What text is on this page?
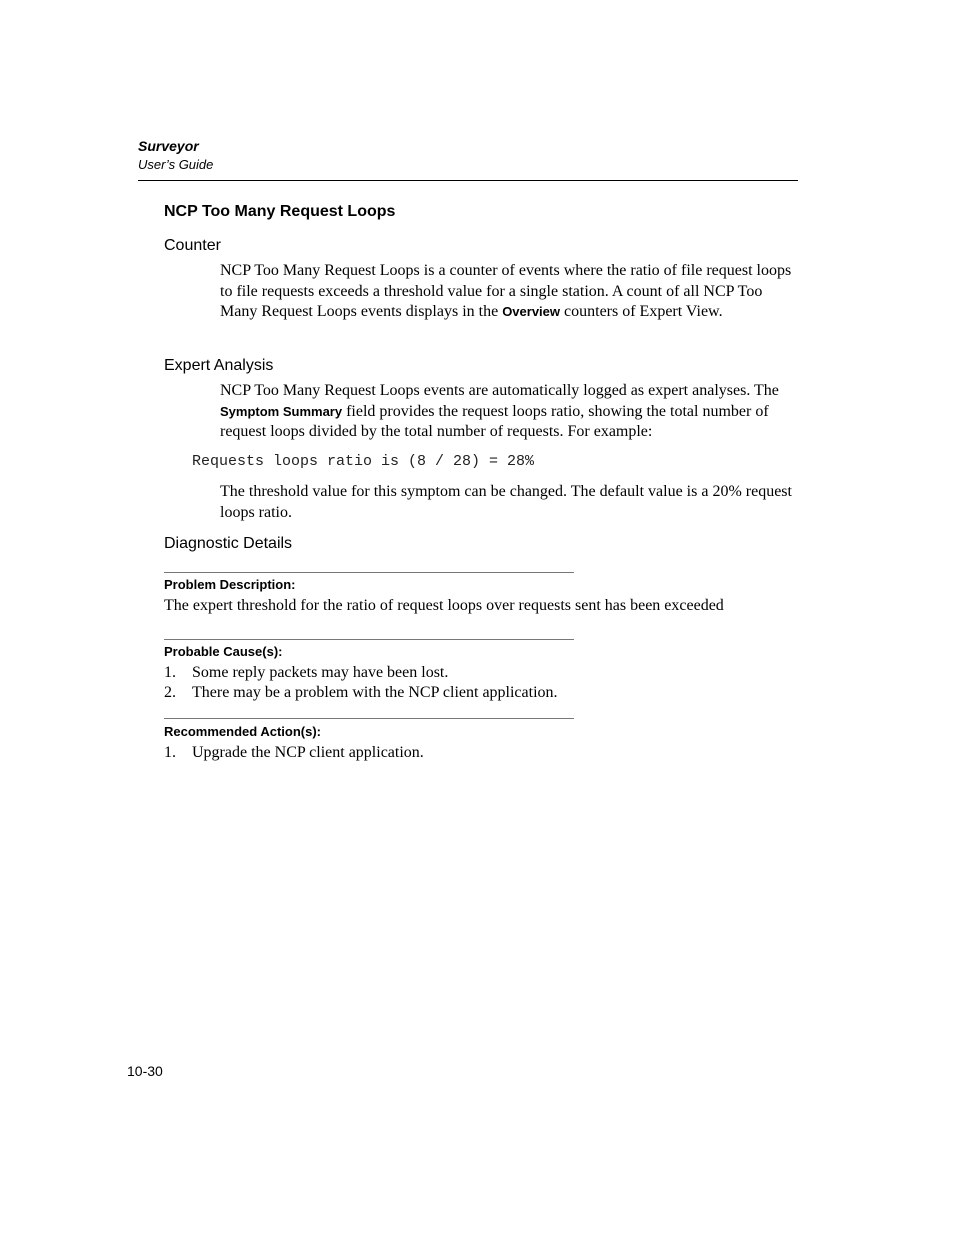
Surveyor
User’s Guide
NCP Too Many Request Loops
Counter
NCP Too Many Request Loops is a counter of events where the ratio of file request loops to file requests exceeds a threshold value for a single station. A count of all NCP Too Many Request Loops events displays in the Overview counters of Expert View.
Expert Analysis
NCP Too Many Request Loops events are automatically logged as expert analyses. The Symptom Summary field provides the request loops ratio, showing the total number of request loops divided by the total number of requests. For example:
Requests loops ratio is (8 / 28) = 28%
The threshold value for this symptom can be changed. The default value is a 20% request loops ratio.
Diagnostic Details
Problem Description:
The expert threshold for the ratio of request loops over requests sent has been exceeded
Probable Cause(s):
1. Some reply packets may have been lost.
2. There may be a problem with the NCP client application.
Recommended Action(s):
1. Upgrade the NCP client application.
10-30
